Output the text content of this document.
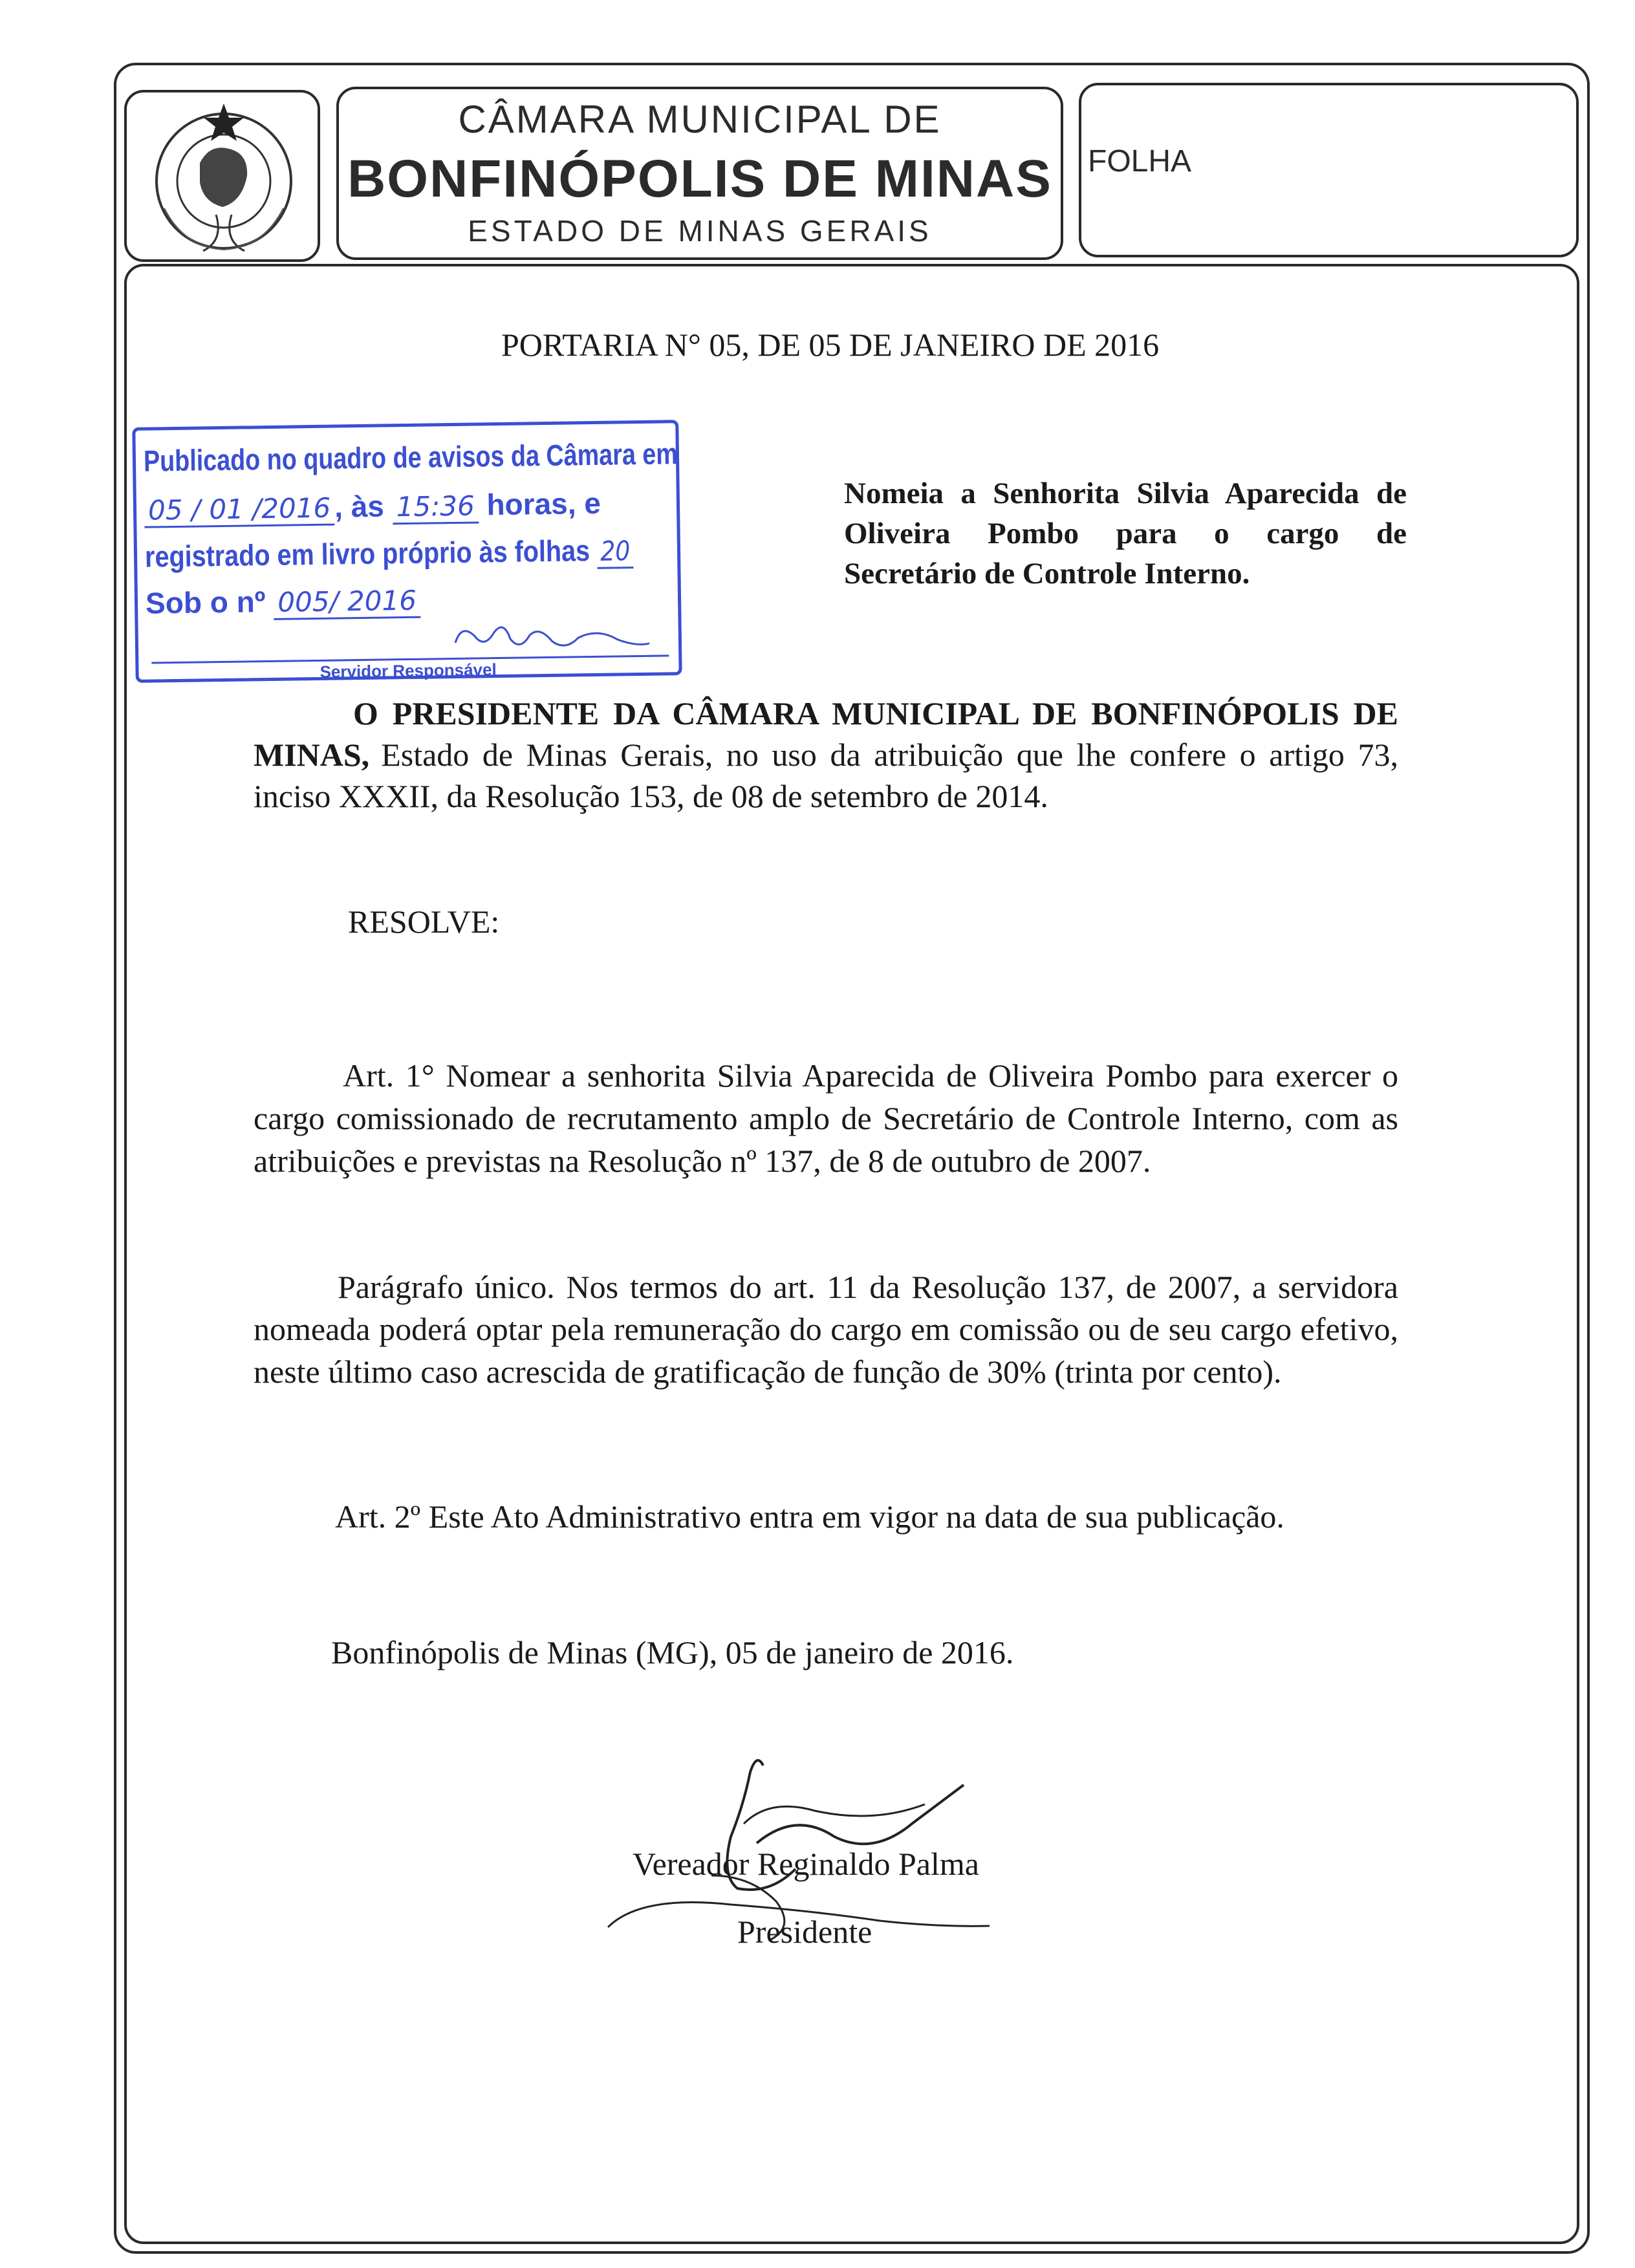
CÂMARA MUNICIPAL DE
BONFINÓPOLIS DE MINAS
ESTADO DE MINAS GERAIS
FOLHA
PORTARIA N° 05, DE 05 DE JANEIRO DE 2016
Publicado no quadro de avisos da Câmara em
05 / 01 /2016 , às 15:36 horas, e
registrado em livro próprio às folhas 20
Sob o nº 005/ 2016
Servidor Responsável
Nomeia a Senhorita Silvia Aparecida de
Oliveira Pombo para o cargo de
Secretário de Controle Interno.
O PRESIDENTE DA CÂMARA MUNICIPAL DE BONFINÓPOLIS DE
MINAS, Estado de Minas Gerais, no uso da atribuição que lhe confere o artigo 73,
inciso XXXII, da Resolução 153, de 08 de setembro de 2014.
RESOLVE:
Art. 1° Nomear a senhorita Silvia Aparecida de Oliveira Pombo para exercer o
cargo comissionado de recrutamento amplo de Secretário de Controle Interno, com as
atribuições e previstas na Resolução nº 137, de 8 de outubro de 2007.
Parágrafo único. Nos termos do art. 11 da Resolução 137, de 2007, a servidora
nomeada poderá optar pela remuneração do cargo em comissão ou de seu cargo efetivo,
neste último caso acrescida de gratificação de função de 30% (trinta por cento).
Art. 2º Este Ato Administrativo entra em vigor na data de sua publicação.
Bonfinópolis de Minas (MG), 05 de janeiro de 2016.
Vereador Reginaldo Palma
Presidente
